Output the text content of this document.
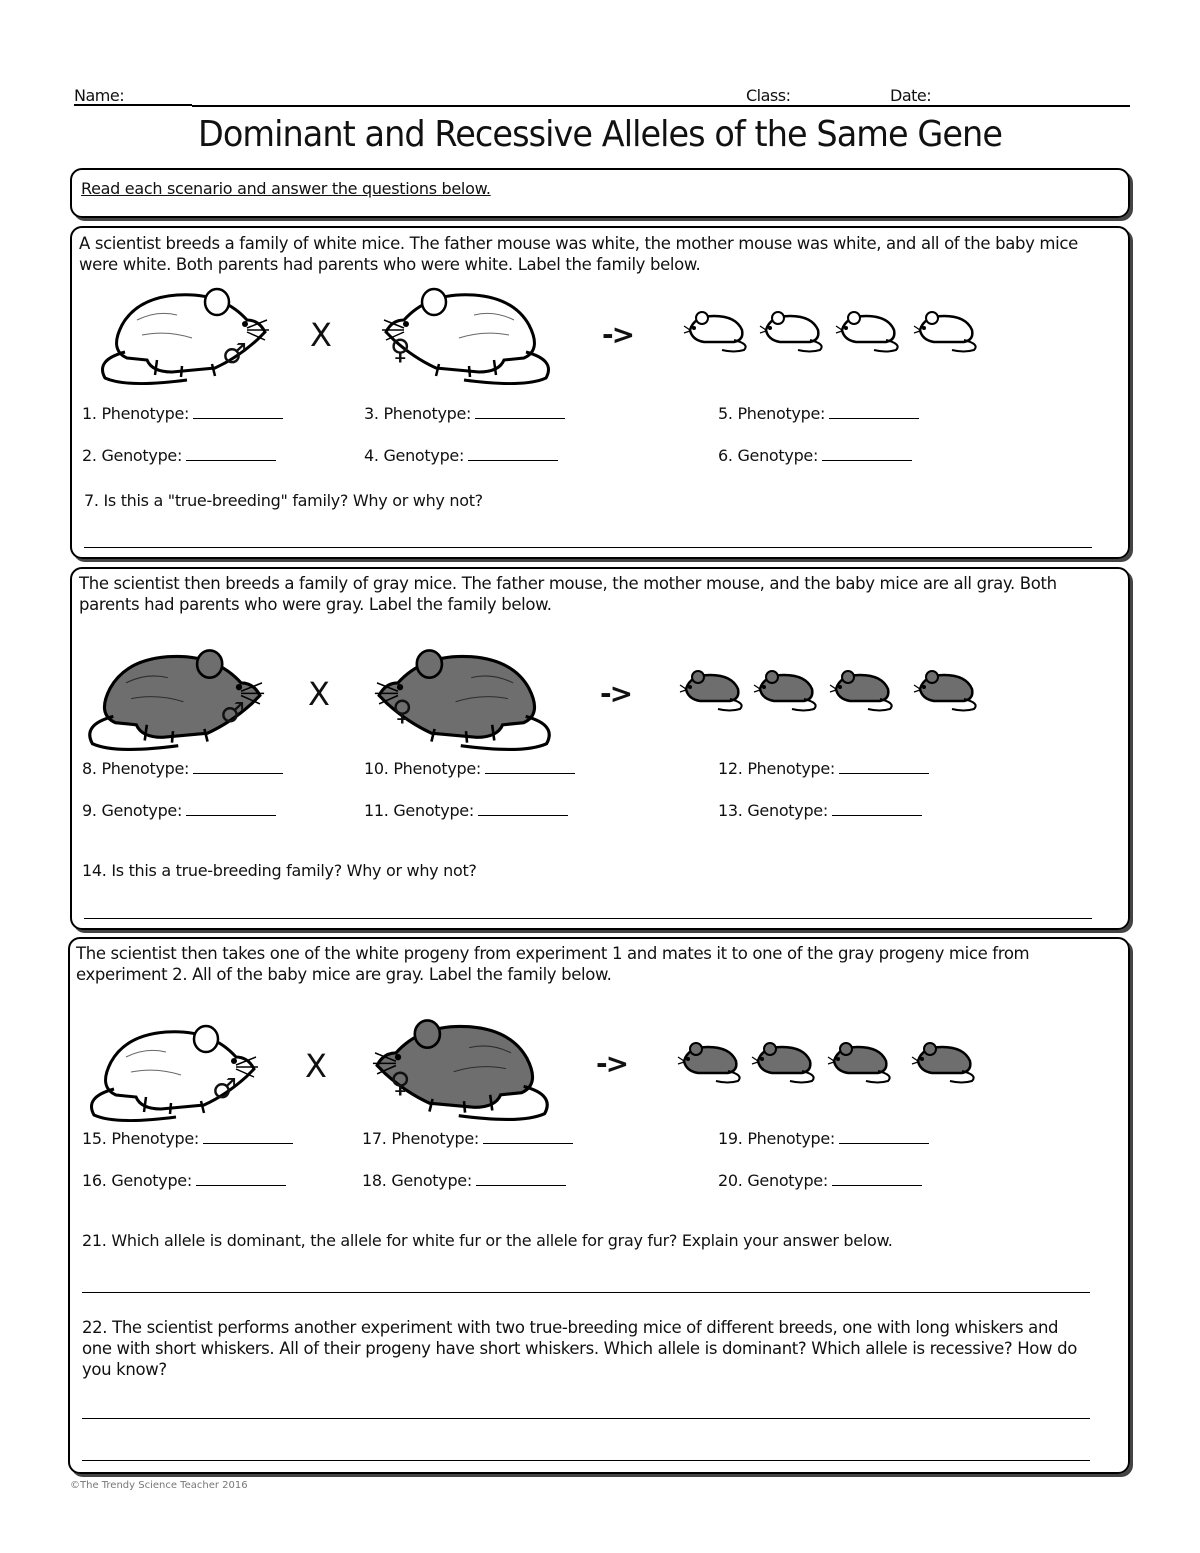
Name:	Class:	Date:
Dominant and Recessive Alleles of the Same Gene
Read each scenario and answer the questions below.
A scientist breeds a family of white mice. The father mouse was white, the mother mouse was white, and all of the baby mice were white. Both parents had parents who were white. Label the family below.
♂ X ♀	->
1. Phenotype:
2. Genotype:
3. Phenotype:
4. Genotype:
5. Phenotype:
6. Genotype:
7. Is this a "true-breeding" family? Why or why not?
The scientist then breeds a family of gray mice. The father mouse, the mother mouse, and the baby mice are all gray. Both parents had parents who were gray. Label the family below.
♂ X ♀
->
8. Phenotype:
9. Genotype:
10. Phenotype:
11. Genotype:
12. Phenotype:
13. Genotype:
14. Is this a true-breeding family? Why or why not?
The scientist then takes one of the white progeny from experiment 1 and mates it to one of the gray progeny mice from experiment 2. All of the baby mice are gray. Label the family below.
♂
X ♀
->
15. Phenotype:
16. Genotype:
17. Phenotype:
18. Genotype:
19. Phenotype:
20. Genotype:
21. Which allele is dominant, the allele for white fur or the allele for gray fur? Explain your answer below.
22. The scientist performs another experiment with two true-breeding mice of different breeds, one with long whiskers and one with short whiskers. All of their progeny have short whiskers. Which allele is dominant? Which allele is recessive? How do you know?
©The Trendy Science Teacher 2016
